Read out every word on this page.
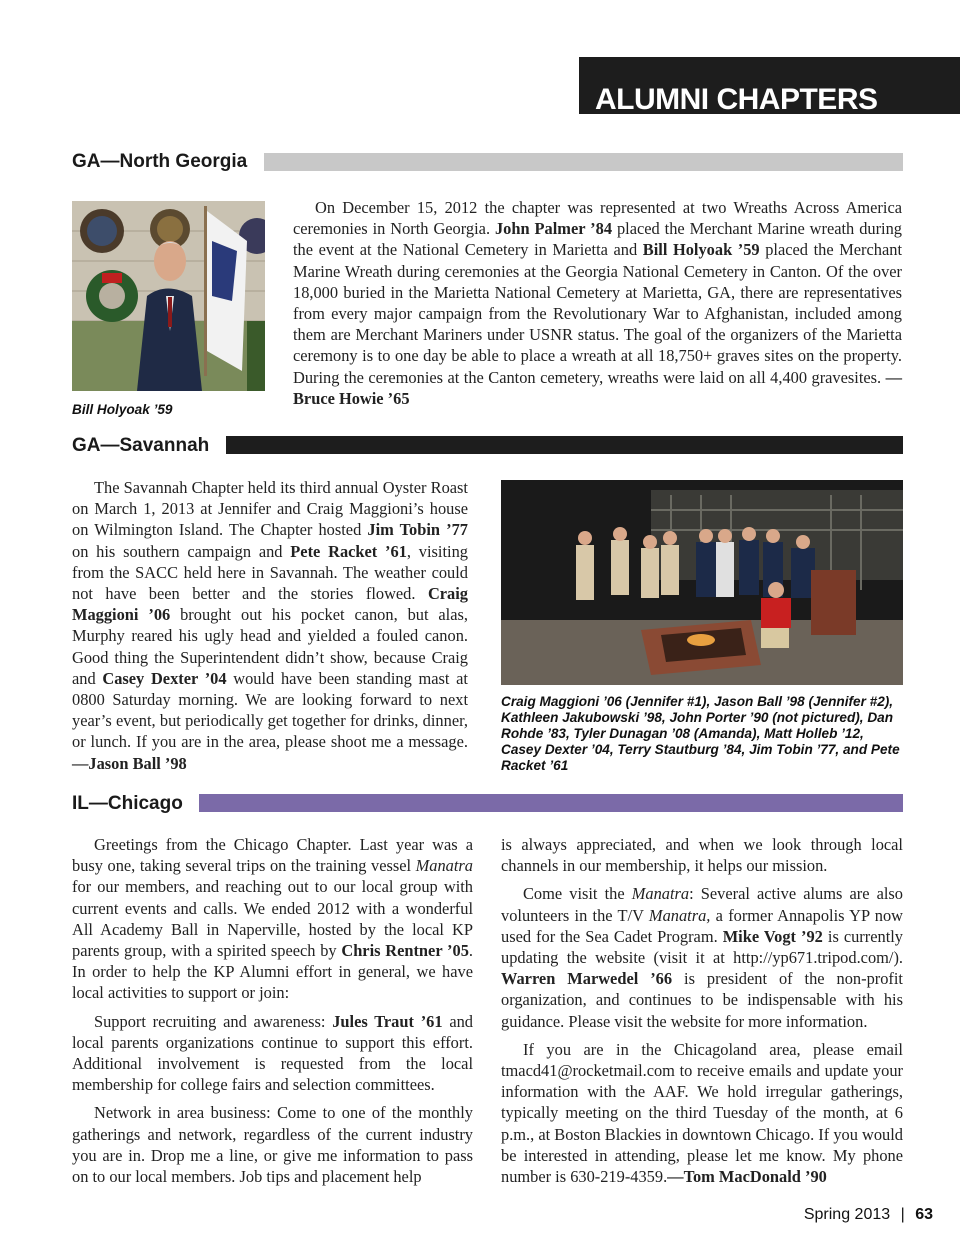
ALUMNI CHAPTERS
GA—North Georgia
Bill Holyoak ’59

On December 15, 2012 the chapter was represented at two Wreaths Across America ceremonies in North Georgia. John Palmer ’84 placed the Merchant Marine wreath during the event at the National Cemetery in Marietta and Bill Holyoak ’59 placed the Merchant Marine Wreath during ceremonies at the Georgia National Cemetery in Canton. Of the over 18,000 buried in the Marietta National Cemetery at Marietta, GA, there are representatives from every major campaign from the Revolutionary War to Afghanistan, included among them are Merchant Mariners under USNR status. The goal of the organizers of the Marietta ceremony is to one day be able to place a wreath at all 18,750+ graves sites on the property. During the ceremonies at the Canton cemetery, wreaths were laid on all 4,400 gravesites. —Bruce Howie ’65

GA—Savannah

The Savannah Chapter held its third annual Oyster Roast on March 1, 2013 at Jennifer and Craig Maggioni’s house on Wilmington Island. The Chapter hosted Jim Tobin ’77 on his southern campaign and Pete Racket ’61, visiting from the SACC held here in Savannah. The weather could not have been better and the stories flowed. Craig Maggioni ’06 brought out his pocket canon, but alas, Murphy reared his ugly head and yielded a fouled canon. Good thing the Superintendent didn’t show, because Craig and Casey Dexter ’04 would have been standing mast at 0800 Saturday morning. We are looking forward to next year’s event, but periodically get together for drinks, dinner, or lunch. If you are in the area, please shoot me a message.—Jason Ball ’98

Craig Maggioni ’06 (Jennifer #1), Jason Ball ’98 (Jennifer #2), Kathleen Jakubowski ’98, John Porter ’90 (not pictured), Dan Rohde ’83, Tyler Dunagan ’08 (Amanda), Matt Holleb ’12, Casey Dexter ’04, Terry Stautburg ’84, Jim Tobin ’77, and Pete Racket ’61
IL—Chicago

Greetings from the Chicago Chapter. Last year was a busy one, taking several trips on the training vessel Manatra for our members, and reaching out to our local group with current events and calls. We ended 2012 with a wonderful All Academy Ball in Naperville, hosted by the local KP parents group, with a spirited speech by Chris Rentner ’05. In order to help the KP Alumni effort in general, we have local activities to support or join:

Support recruiting and awareness: Jules Traut ’61 and local parents organizations continue to support this effort. Additional involvement is requested from the local membership for college fairs and selection committees.

Network in area business: Come to one of the monthly gatherings and network, regardless of the current industry you are in. Drop me a line, or give me information to pass on to our local members. Job tips and placement help

is always appreciated, and when we look through local channels in our membership, it helps our mission.

Come visit the Manatra: Several active alums are also volunteers in the T/V Manatra, a former Annapolis YP now used for the Sea Cadet Program. Mike Vogt ’92 is currently updating the website (visit it at http://yp671.tripod.com/). Warren Marwedel ’66 is president of the non-profit organization, and continues to be indispensable with his guidance. Please visit the website for more information.

If you are in the Chicagoland area, please email tmacd41@rocketmail.com to receive emails and update your information with the AAF. We hold irregular gatherings, typically meeting on the third Tuesday of the month, at 6 p.m., at Boston Blackies in downtown Chicago. If you would be interested in attending, please let me know. My phone number is 630-219-4359.—Tom MacDonald ’90

Spring 2013 | 63
